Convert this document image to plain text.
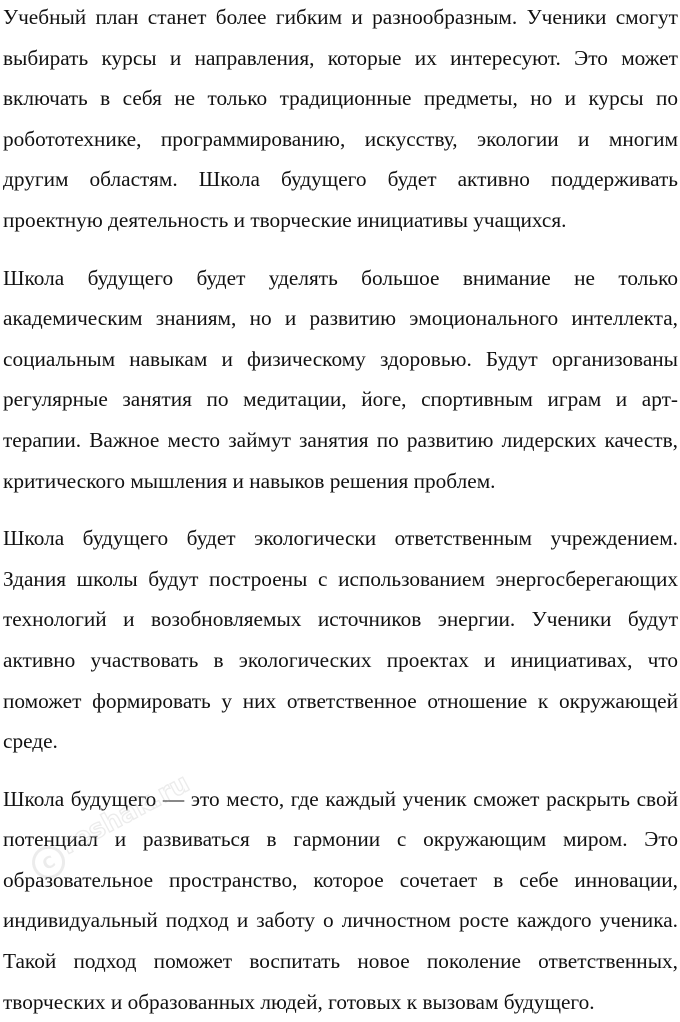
Учебный план станет более гибким и разнообразным. Ученики смогут выбирать курсы и направления, которые их интересуют. Это может включать в себя не только традиционные предметы, но и курсы по робототехнике, программированию, искусству, экологии и многим другим областям. Школа будущего будет активно поддерживать проектную деятельность и творческие инициативы учащихся.

Школа будущего будет уделять большое внимание не только академическим знаниям, но и развитию эмоционального интеллекта, социальным навыкам и физическому здоровью. Будут организованы регулярные занятия по медитации, йоге, спортивным играм и арт-терапии. Важное место займут занятия по развитию лидерских качеств, критического мышления и навыков решения проблем.

Школа будущего будет экологически ответственным учреждением. Здания школы будут построены с использованием энергосберегающих технологий и возобновляемых источников энергии. Ученики будут активно участвовать в экологических проектах и инициативах, что поможет формировать у них ответственное отношение к окружающей среде.

Школа будущего — это место, где каждый ученик сможет раскрыть свой потенциал и развиваться в гармонии с окружающим миром. Это образовательное пространство, которое сочетает в себе инновации, индивидуальный подход и заботу о личностном росте каждого ученика. Такой подход поможет воспитать новое поколение ответственных, творческих и образованных людей, готовых к вызовам будущего.

C
reshak.ru
